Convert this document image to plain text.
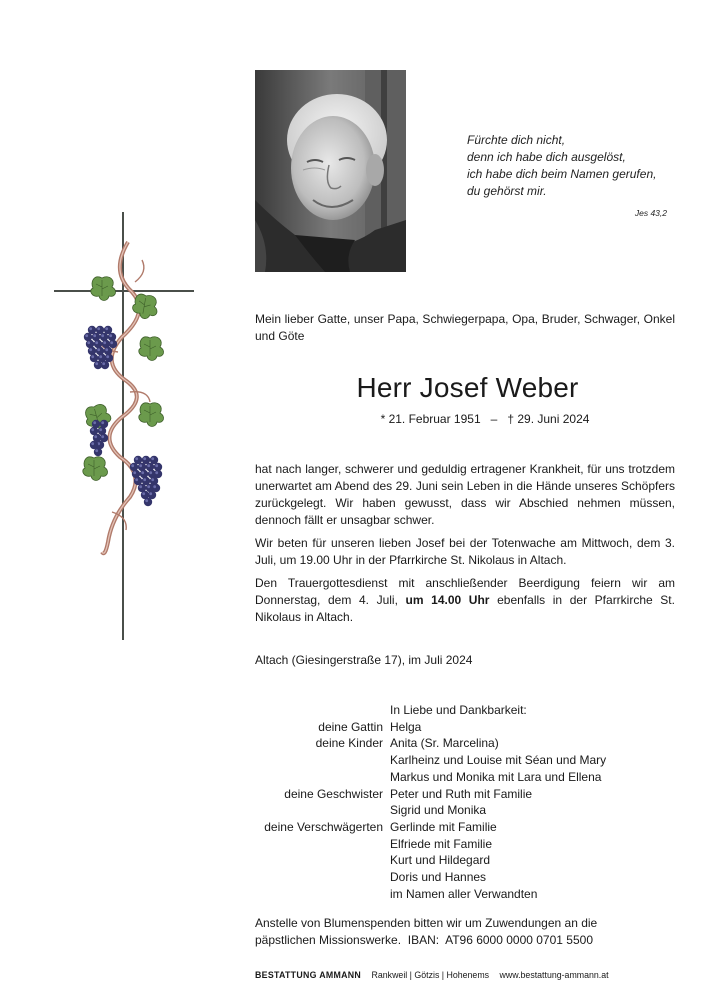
Fürchte dich nicht,
denn ich habe dich ausgelöst,
ich habe dich beim Namen gerufen,
du gehörst mir.
Jes 43,2
Mein lieber Gatte, unser Papa, Schwiegerpapa, Opa, Bruder, Schwager, Onkel und Göte
Herr Josef Weber
* 21. Februar 1951 – † 29. Juni 2024

hat nach langer, schwerer und geduldig ertragener Krankheit, für uns trotzdem unerwartet am Abend des 29. Juni sein Leben in die Hände unseres Schöpfers zurückgelegt. Wir haben gewusst, dass wir Abschied nehmen müssen, dennoch fällt er unsagbar schwer.

Wir beten für unseren lieben Josef bei der Totenwache am Mittwoch, dem 3. Juli, um 19.00 Uhr in der Pfarrkirche St. Nikolaus in Altach.

Den Trauergottesdienst mit anschließender Beerdigung feiern wir am Donnerstag, dem 4. Juli, um 14.00 Uhr ebenfalls in der Pfarrkirche St. Nikolaus in Altach.

Altach (Giesingerstraße 17), im Juli 2024
In Liebe und Dankbarkeit:
deine Gattin Helga
deine Kinder Anita (Sr. Marcelina)
Karlheinz und Louise mit Séan und Mary
Markus und Monika mit Lara und Ellena
deine Geschwister Peter und Ruth mit Familie
Sigrid und Monika
deine Verschwägerten Gerlinde mit Familie
Elfriede mit Familie
Kurt und Hildegard
Doris und Hannes
im Namen aller Verwandten
Anstelle von Blumenspenden bitten wir um Zuwendungen an die
päpstlichen Missionswerke.  IBAN:  AT96 6000 0000 0701 5500
BESTATTUNG AMMANN Rankweil | Götzis | Hohenems www.bestattung-ammann.at
